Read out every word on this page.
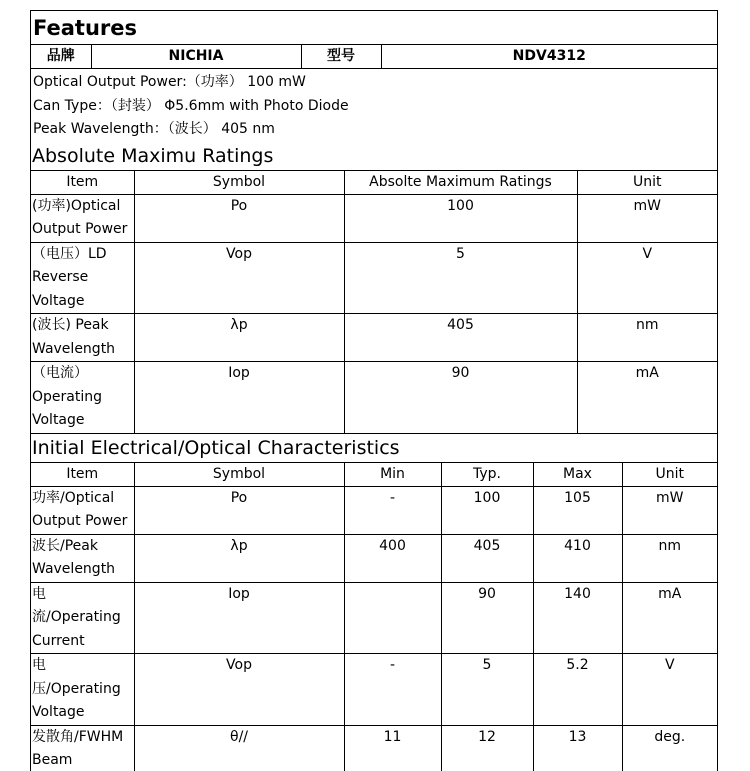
Features
品牌	NICHIA	型号	NDV4312
Optical Output Power:（功率） 100 mW
Can Type：（封装） Φ5.6mm with Photo Diode
Peak Wavelength：（波长） 405 nm
Absolute Maximu Ratings
Item	Symbol	Absolte Maximum Ratings	Unit
(功率)Optical Output Power	Po	100	mW
（电压）LD Reverse Voltage	Vop	5	V
(波长) Peak Wavelength	λp	405	nm
（电流） Operating Voltage	Iop	90	mA
Initial Electrical/Optical Characteristics
Item	Symbol	Min	Typ.	Max	Unit
功率/Optical Output Power	Po	-	100	105	mW
波长/Peak Wavelength	λp	400	405	410	nm
电流/Operating Current	Iop		90	140	mA
电压/Operating Voltage	Vop	-	5	5.2	V
发散角/FWHM Beam	θ//	11	12	13	deg.
